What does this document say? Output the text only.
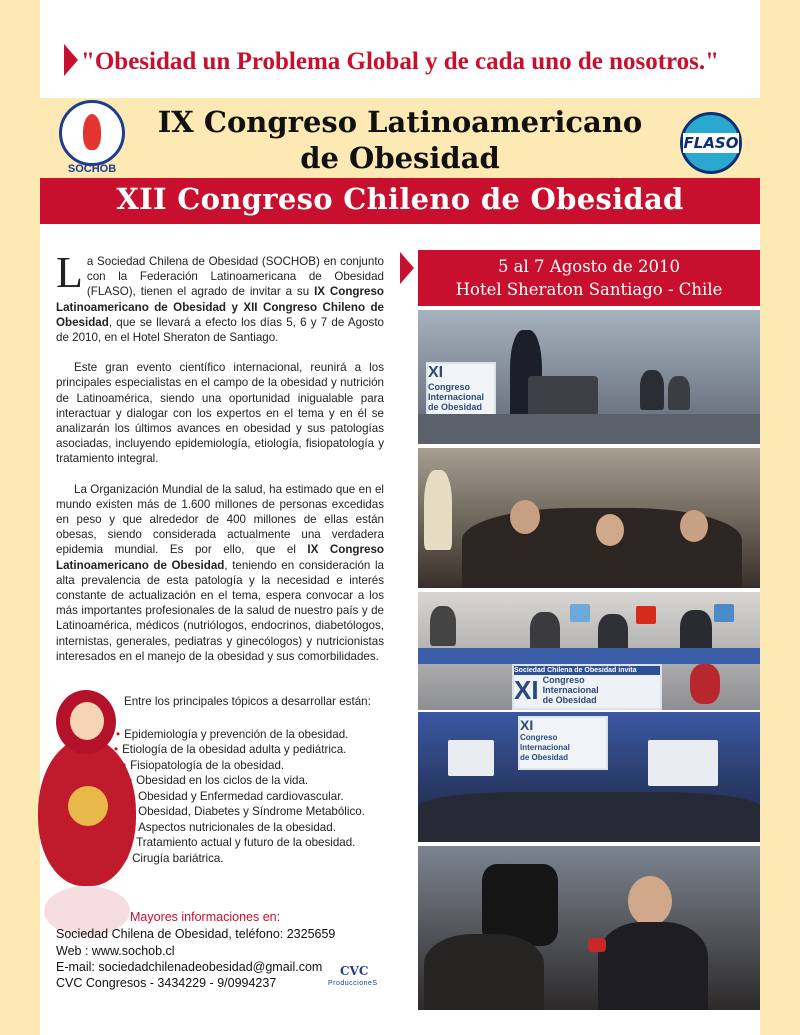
"Obesidad un Problema Global y de cada uno de nosotros."
SOCHOB
IX Congreso Latinoamericano
de Obesidad	FLASO
XII Congreso Chileno de Obesidad

La Sociedad Chilena de Obesidad (SOCHOB) en conjunto con la Federación Latinoamericana de Obesidad (FLASO), tienen el agrado de invitar a su IX Congreso Latinoamericano de Obesidad y XII Congreso Chileno de Obesidad, que se llevará a efecto los días 5, 6 y 7 de Agosto de 2010, en el Hotel Sheraton de Santiago.

Este gran evento científico internacional, reunirá a los principales especialistas en el campo de la obesidad y nutrición de Latinoamérica, siendo una oportunidad inigualable para interactuar y dialogar con los expertos en el tema y en él se analizarán los últimos avances en obesidad y sus patologías asociadas, incluyendo epidemiología, etiología, fisiopatología y tratamiento integral.

La Organización Mundial de la salud, ha estimado que en el mundo existen más de 1.600 millones de personas excedidas en peso y que alrededor de 400 millones de ellas están obesas, siendo considerada actualmente una verdadera epidemia mundial. Es por ello, que el IX Congreso Latinoamericano de Obesidad, teniendo en consideración la alta prevalencia de esta patología y la necesidad e interés constante de actualización en el tema, espera convocar a los más importantes profesionales de la salud de nuestro país y de Latinoamérica, médicos (nutriólogos, endocrinos, diabetólogos, internistas, generales, pediatras y ginecólogos) y nutricionistas interesados en el manejo de la obesidad y sus comorbilidades.

Entre los principales tópicos a desarrollar están:
• Epidemiología y prevención de la obesidad.
• Etiología de la obesidad adulta y pediátrica.
• Fisiopatología de la obesidad.
• Obesidad en los ciclos de la vida.
• Obesidad y Enfermedad cardiovascular.
• Obesidad, Diabetes y Síndrome Metabólico.
• Aspectos nutricionales de la obesidad.
• Tratamiento actual y futuro de la obesidad.
• Cirugía bariátrica.
Mayores informaciones en:
Sociedad Chilena de Obesidad, teléfono: 2325659
Web : www.sochob.cl
E-mail: sociedadchilenadeobesidad@gmail.com
CVC Congresos - 3434229 - 9/0994237
CVC
ProduccioneS
5 al 7 Agosto de 2010
Hotel Sheraton Santiago - Chile
XI
Congreso
Internacional
de Obesidad
Sociedad Chilena de Obesidad invita
XI Congreso
Internacional
de Obesidad
XI
Congreso
Internacional
de Obesidad
